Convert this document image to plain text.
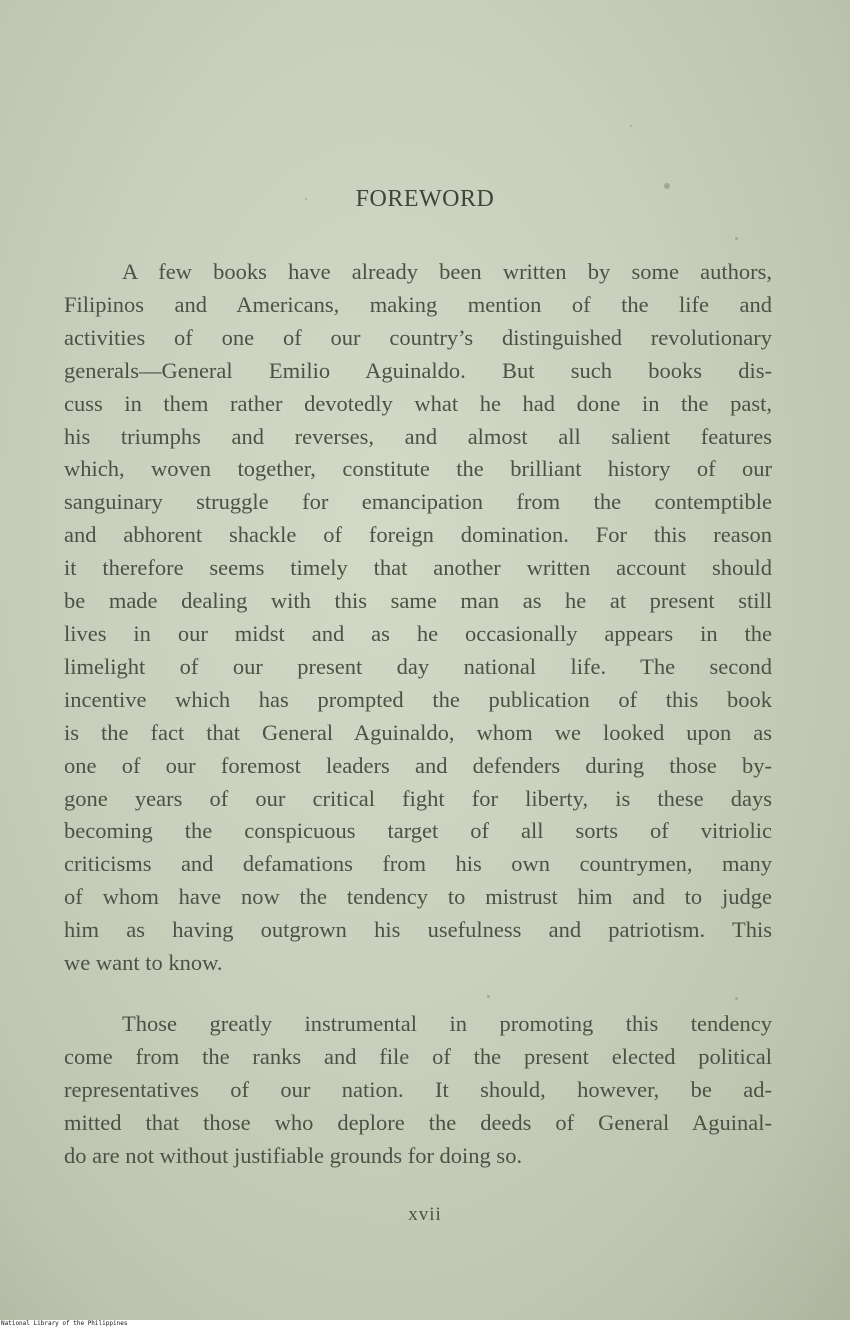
FOREWORD
A few books have already been written by some authors,
Filipinos and Americans, making mention of the life and
activities of one of our country’s distinguished revolutionary
generals—General Emilio Aguinaldo. But such books dis-
cuss in them rather devotedly what he had done in the past,
his triumphs and reverses, and almost all salient features
which, woven together, constitute the brilliant history of our
sanguinary struggle for emancipation from the contemptible
and abhorent shackle of foreign domination. For this reason
it therefore seems timely that another written account should
be made dealing with this same man as he at present still
lives in our midst and as he occasionally appears in the
limelight of our present day national life. The second
incentive which has prompted the publication of this book
is the fact that General Aguinaldo, whom we looked upon as
one of our foremost leaders and defenders during those by-
gone years of our critical fight for liberty, is these days
becoming the conspicuous target of all sorts of vitriolic
criticisms and defamations from his own countrymen, many
of whom have now the tendency to mistrust him and to judge
him as having outgrown his usefulness and patriotism. This
we want to know.
Those greatly instrumental in promoting this tendency
come from the ranks and file of the present elected political
representatives of our nation. It should, however, be ad-
mitted that those who deplore the deeds of General Aguinal-
do are not without justifiable grounds for doing so.
xvii
National Library of the Philippines
